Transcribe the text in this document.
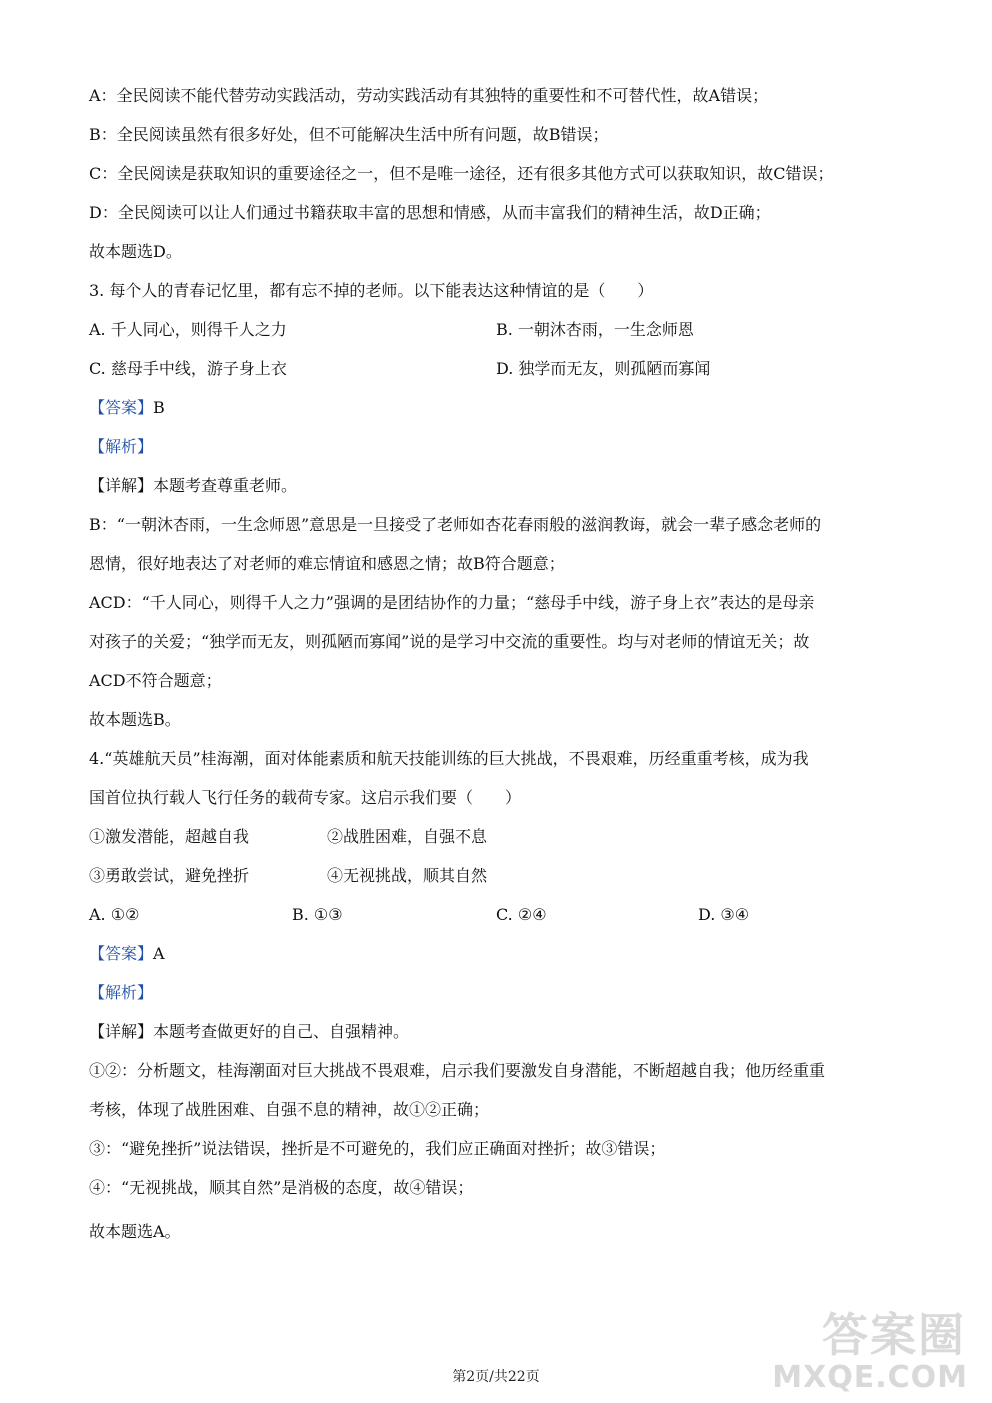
A：全民阅读不能代替劳动实践活动，劳动实践活动有其独特的重要性和不可替代性，故A错误；
B：全民阅读虽然有很多好处，但不可能解决生活中所有问题，故B错误；
C：全民阅读是获取知识的重要途径之一，但不是唯一途径，还有很多其他方式可以获取知识，故C错误；
D：全民阅读可以让人们通过书籍获取丰富的思想和情感，从而丰富我们的精神生活，故D正确；
故本题选D。
3. 每个人的青春记忆里，都有忘不掉的老师。以下能表达这种情谊的是（　　）
A. 千人同心，则得千人之力	B. 一朝沐杏雨，一生念师恩
C. 慈母手中线，游子身上衣	D. 独学而无友，则孤陋而寡闻
【答案】B
【解析】
【详解】本题考查尊重老师。
B：“一朝沐杏雨，一生念师恩”意思是一旦接受了老师如杏花春雨般的滋润教诲，就会一辈子感念老师的
恩情，很好地表达了对老师的难忘情谊和感恩之情；故B符合题意；
ACD：“千人同心，则得千人之力”强调的是团结协作的力量；“慈母手中线，游子身上衣”表达的是母亲
对孩子的关爱；“独学而无友，则孤陋而寡闻”说的是学习中交流的重要性。均与对老师的情谊无关；故
ACD不符合题意；
故本题选B。
4.“英雄航天员”桂海潮，面对体能素质和航天技能训练的巨大挑战，不畏艰难，历经重重考核，成为我
国首位执行载人飞行任务的载荷专家。这启示我们要（　　）
①激发潜能，超越自我	②战胜困难，自强不息
③勇敢尝试，避免挫折	④无视挑战，顺其自然
A. ①②	B. ①③	C. ②④	D. ③④
【答案】A
【解析】
【详解】本题考查做更好的自己、自强精神。
①②：分析题文，桂海潮面对巨大挑战不畏艰难，启示我们要激发自身潜能，不断超越自我；他历经重重
考核，体现了战胜困难、自强不息的精神，故①②正确；
③：“避免挫折”说法错误，挫折是不可避免的，我们应正确面对挫折；故③错误；
④：“无视挑战，顺其自然”是消极的态度，故④错误；
故本题选A。
第2页/共22页
答案圈
MXQE.COM
